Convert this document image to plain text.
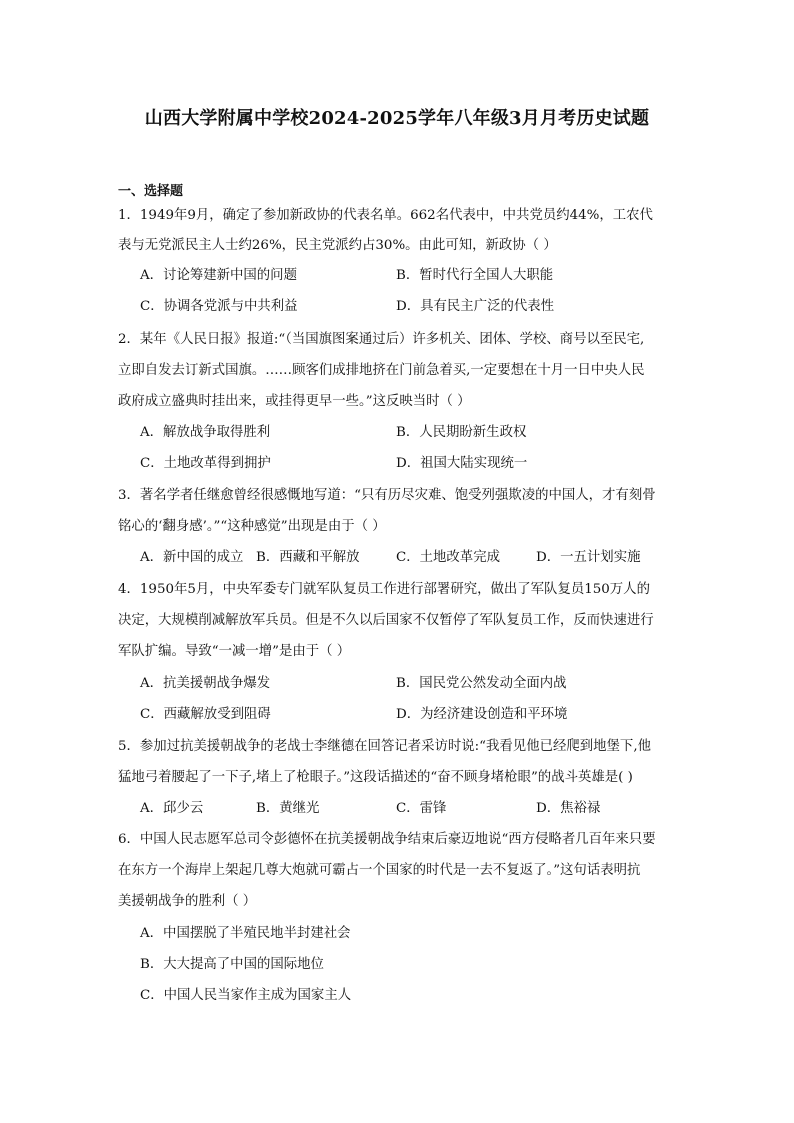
山西大学附属中学校2024-2025学年八年级3月月考历史试题
一、选择题
1．1949年9月，确定了参加新政协的代表名单。662名代表中，中共党员约44%，工农代
表与无党派民主人士约26%，民主党派约占30%。由此可知，新政协（ ）
A．讨论筹建新中国的问题	B．暂时代行全国人大职能
C．协调各党派与中共利益	D．具有民主广泛的代表性
2．某年《人民日报》报道:“（当国旗图案通过后）许多机关、团体、学校、商号以至民宅,
立即自发去订新式国旗。……顾客们成排地挤在门前急着买,一定要想在十月一日中央人民
政府成立盛典时挂出来，或挂得更早一些。”这反映当时（ ）
A．解放战争取得胜利	B．人民期盼新生政权
C．土地改革得到拥护	D．祖国大陆实现统一
3．著名学者任继愈曾经很感慨地写道：“只有历尽灾难、饱受列强欺凌的中国人，才有刻骨
铭心的‘翻身感’。”“这种感觉”出现是由于（ ）
A．新中国的成立 B．西藏和平解放	C．土地改革完成	D．一五计划实施
4．1950年5月，中央军委专门就军队复员工作进行部署研究，做出了军队复员150万人的
决定，大规模削减解放军兵员。但是不久以后国家不仅暂停了军队复员工作，反而快速进行
军队扩编。导致“一减一增”是由于（ ）
A．抗美援朝战争爆发	B．国民党公然发动全面内战
C．西藏解放受到阻碍	D．为经济建设创造和平环境
5．参加过抗美援朝战争的老战士李继德在回答记者采访时说:“我看见他已经爬到地堡下,他
猛地弓着腰起了一下子,堵上了枪眼子。”这段话描述的“奋不顾身堵枪眼”的战斗英雄是( )
A．邱少云	B．黄继光	C．雷锋	D．焦裕禄
6．中国人民志愿军总司令彭德怀在抗美援朝战争结束后豪迈地说“西方侵略者几百年来只要
在东方一个海岸上架起几尊大炮就可霸占一个国家的时代是一去不复返了。”这句话表明抗
美援朝战争的胜利（ ）
A．中国摆脱了半殖民地半封建社会
B．大大提高了中国的国际地位
C．中国人民当家作主成为国家主人
